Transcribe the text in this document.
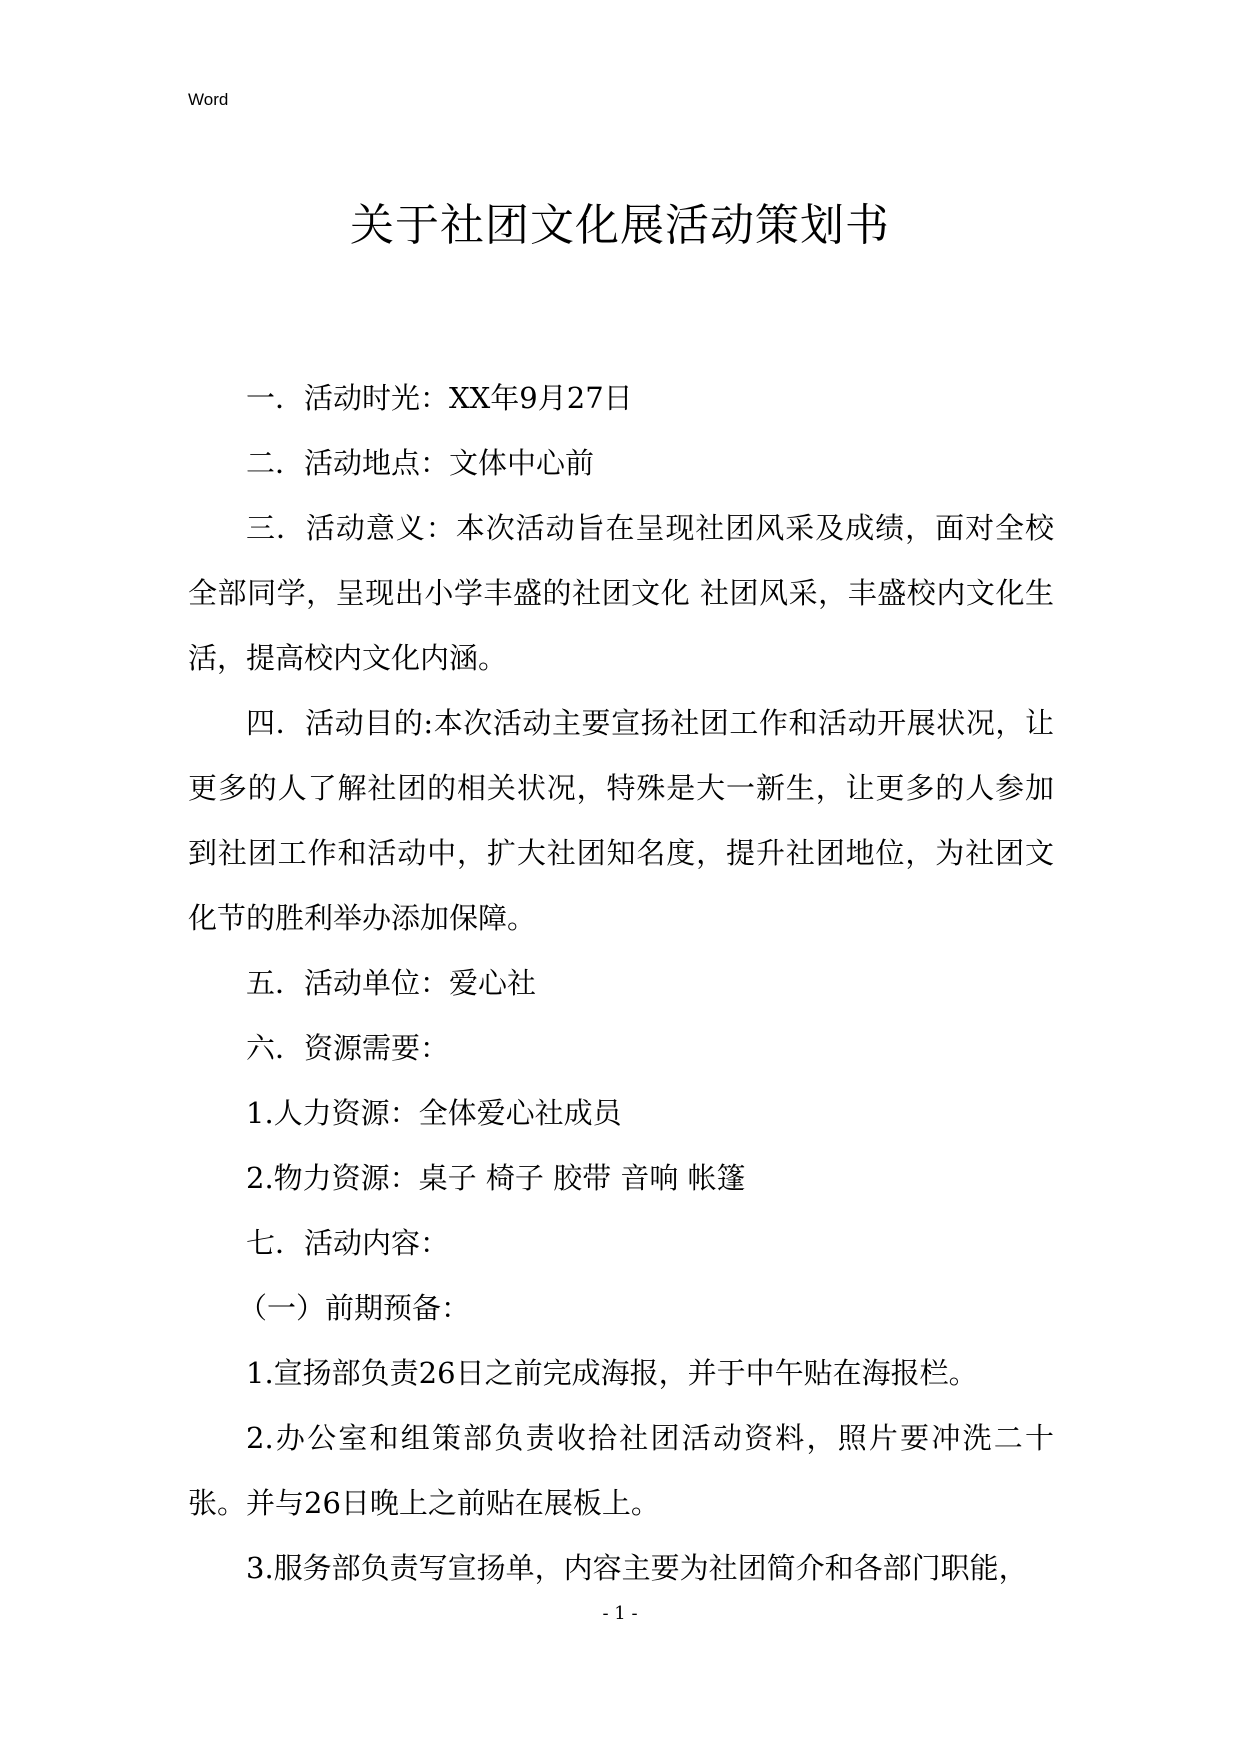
Word
关于社团文化展活动策划书

一．活动时光：XX年9月27日

二．活动地点：文体中心前

三．活动意义：本次活动旨在呈现社团风采及成绩，面对全校全部同学，呈现出小学丰盛的社团文化 社团风采，丰盛校内文化生活，提高校内文化内涵。

四．活动目的:本次活动主要宣扬社团工作和活动开展状况，让更多的人了解社团的相关状况，特殊是大一新生，让更多的人参加到社团工作和活动中，扩大社团知名度，提升社团地位，为社团文化节的胜利举办添加保障。

五．活动单位：爱心社

六．资源需要：

1.人力资源：全体爱心社成员

2.物力资源：桌子 椅子 胶带 音响 帐篷

七．活动内容：

（一）前期预备：

1.宣扬部负责26日之前完成海报，并于中午贴在海报栏。

2.办公室和组策部负责收拾社团活动资料，照片要冲洗二十张。并与26日晚上之前贴在展板上。

3.服务部负责写宣扬单，内容主要为社团简介和各部门职能，

- 1 -
